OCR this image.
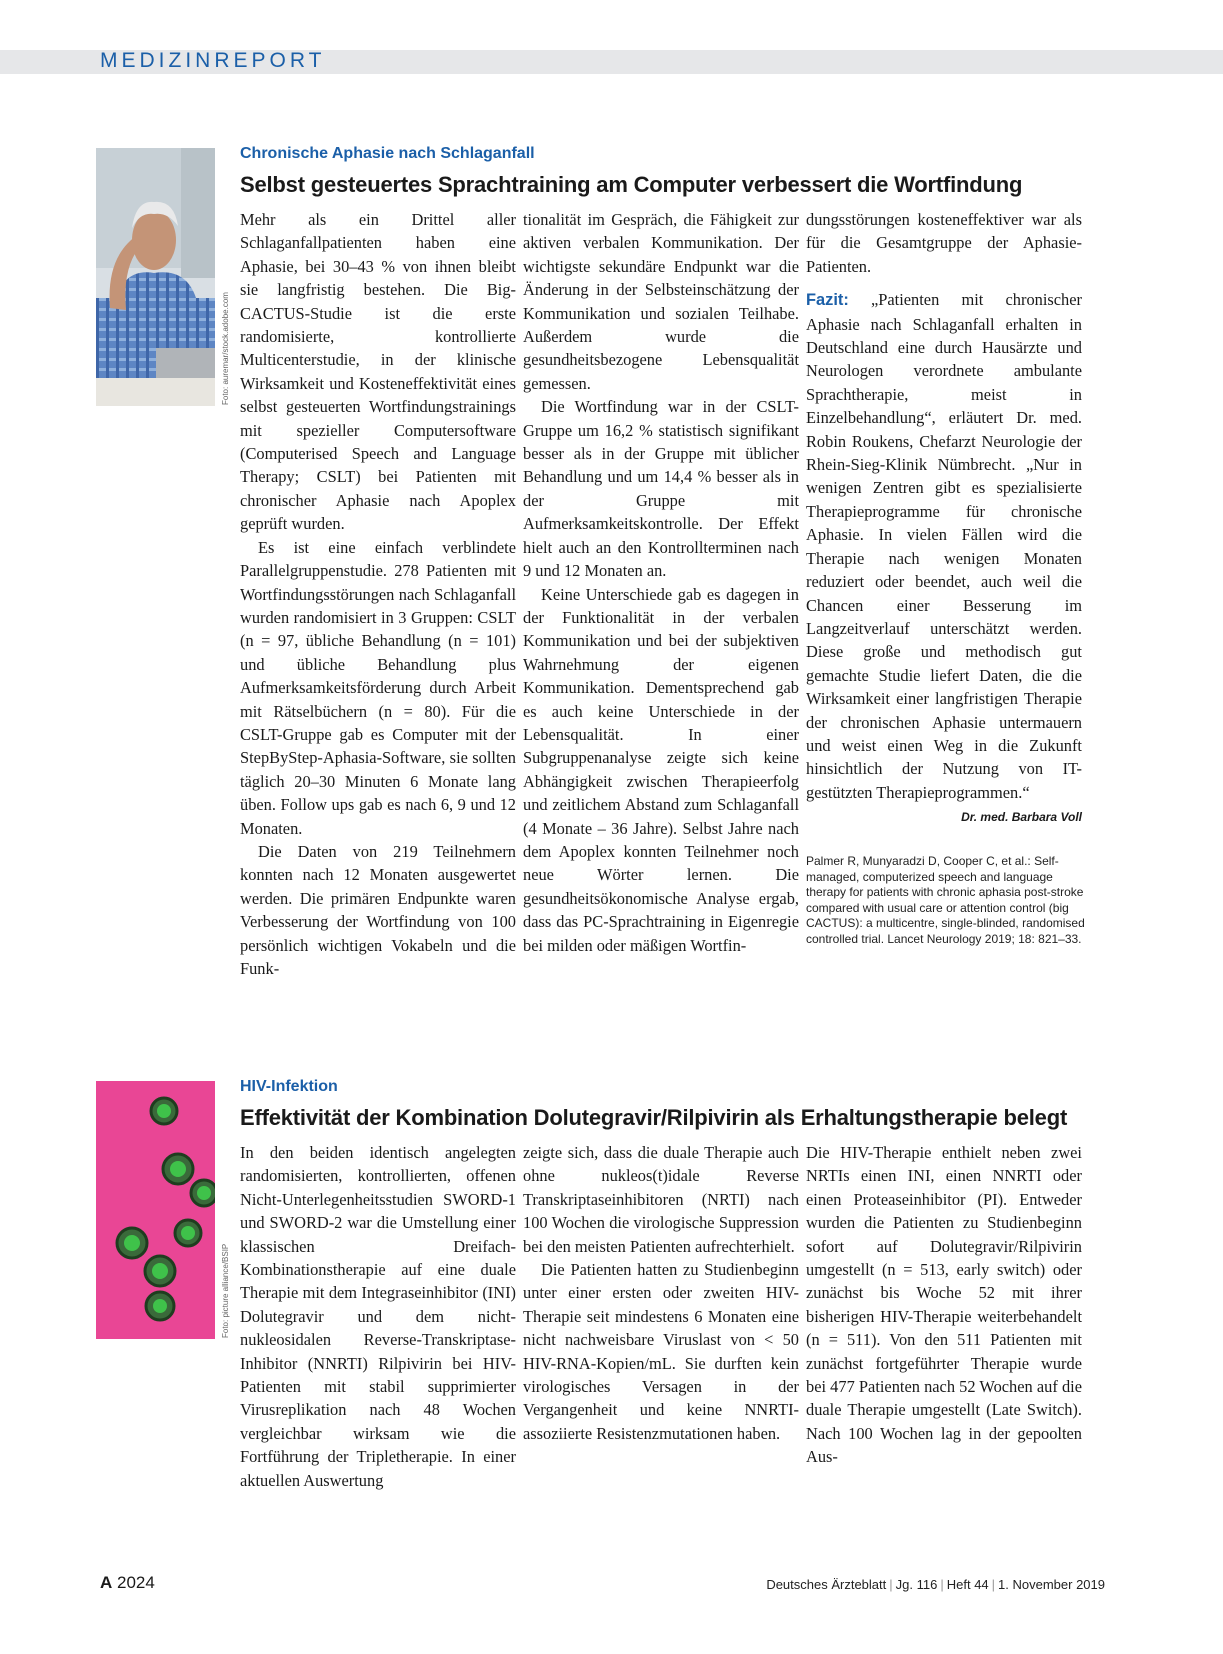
MEDIZINREPORT
Foto: auremar/stock.adobe.com
Chronische Aphasie nach Schlaganfall
Selbst gesteuertes Sprachtraining am Computer verbessert die Wortfindung

Mehr als ein Drittel aller Schlaganfallpatienten haben eine Aphasie, bei 30–43 % von ihnen bleibt sie langfristig bestehen. Die Big-CACTUS-Studie ist die erste randomisierte, kontrollierte Multicenterstudie, in der klinische Wirksamkeit und Kosteneffektivität eines selbst gesteuerten Wortfindungstrainings mit spezieller Computersoftware (Computerised Speech and Language Therapy; CSLT) bei Patienten mit chronischer Aphasie nach Apoplex geprüft wurden.

Es ist eine einfach verblindete Parallelgruppenstudie. 278 Patienten mit Wortfindungsstörungen nach Schlaganfall wurden randomisiert in 3 Gruppen: CSLT (n = 97, übliche Behandlung (n = 101) und übliche Behandlung plus Aufmerksamkeitsförderung durch Arbeit mit Rätselbüchern (n = 80). Für die CSLT-Gruppe gab es Computer mit der StepByStep-Aphasia-Software, sie sollten täglich 20–30 Minuten 6 Monate lang üben. Follow ups gab es nach 6, 9 und 12 Monaten.

Die Daten von 219 Teilnehmern konnten nach 12 Monaten ausgewertet werden. Die primären Endpunkte waren Verbesserung der Wortfindung von 100 persönlich wichtigen Vokabeln und die Funk-

tionalität im Gespräch, die Fähigkeit zur aktiven verbalen Kommunikation. Der wichtigste sekundäre Endpunkt war die Änderung in der Selbsteinschätzung der Kommunikation und sozialen Teilhabe. Außerdem wurde die gesundheitsbezogene Lebensqualität gemessen.

Die Wortfindung war in der CSLT-Gruppe um 16,2 % statistisch signifikant besser als in der Gruppe mit üblicher Behandlung und um 14,4 % besser als in der Gruppe mit Aufmerksamkeitskontrolle. Der Effekt hielt auch an den Kontrollterminen nach 9 und 12 Monaten an.

Keine Unterschiede gab es dagegen in der Funktionalität in der verbalen Kommunikation und bei der subjektiven Wahrnehmung der eigenen Kommunikation. Dementsprechend gab es auch keine Unterschiede in der Lebensqualität. In einer Subgruppenanalyse zeigte sich keine Abhängigkeit zwischen Therapieerfolg und zeitlichem Abstand zum Schlaganfall (4 Monate – 36 Jahre). Selbst Jahre nach dem Apoplex konnten Teilnehmer noch neue Wörter lernen. Die gesundheitsökonomische Analyse ergab, dass das PC-Sprachtraining in Eigenregie bei milden oder mäßigen Wortfin-

dungsstörungen kosteneffektiver war als für die Gesamtgruppe der Aphasie-Patienten.

Fazit: „Patienten mit chronischer Aphasie nach Schlaganfall erhalten in Deutschland eine durch Hausärzte und Neurologen verordnete ambulante Sprachtherapie, meist in Einzelbehandlung“, erläutert Dr. med. Robin Roukens, Chefarzt Neurologie der Rhein-Sieg-Klinik Nümbrecht. „Nur in wenigen Zentren gibt es spezialisierte Therapieprogramme für chronische Aphasie. In vielen Fällen wird die Therapie nach wenigen Monaten reduziert oder beendet, auch weil die Chancen einer Besserung im Langzeitverlauf unterschätzt werden. Diese große und methodisch gut gemachte Studie liefert Daten, die die Wirksamkeit einer langfristigen Therapie der chronischen Aphasie untermauern und weist einen Weg in die Zukunft hinsichtlich der Nutzung von IT-gestützten Therapieprogrammen.“
Dr. med. Barbara Voll

Palmer R, Munyaradzi D, Cooper C, et al.: Self-managed, computerized speech and language therapy for patients with chronic aphasia post-stroke compared with usual care or attention control (big CACTUS): a multicentre, single-blinded, randomised controlled trial. Lancet Neurology 2019; 18: 821–33.
Foto: picture alliance/BSIP
HIV-Infektion
Effektivität der Kombination Dolutegravir/Rilpivirin als Erhaltungstherapie belegt

In den beiden identisch angelegten randomisierten, kontrollierten, offenen Nicht-Unterlegenheitsstudien SWORD-1 und SWORD-2 war die Umstellung einer klassischen Dreifach-Kombinationstherapie auf eine duale Therapie mit dem Integraseinhibitor (INI) Dolutegravir und dem nicht-nukleosidalen Reverse-Transkriptase-Inhibitor (NNRTI) Rilpivirin bei HIV-Patienten mit stabil supprimierter Virusreplikation nach 48 Wochen vergleichbar wirksam wie die Fortführung der Tripletherapie. In einer aktuellen Auswertung

zeigte sich, dass die duale Therapie auch ohne nukleos(t)idale Reverse Transkriptaseinhibitoren (NRTI) nach 100 Wochen die virologische Suppression bei den meisten Patienten aufrechterhielt.

Die Patienten hatten zu Studienbeginn unter einer ersten oder zweiten HIV-Therapie seit mindestens 6 Monaten eine nicht nachweisbare Viruslast von < 50 HIV-RNA-Kopien/mL. Sie durften kein virologisches Versagen in der Vergangenheit und keine NNRTI-assoziierte Resistenzmutationen haben.

Die HIV-Therapie enthielt neben zwei NRTIs einen INI, einen NNRTI oder einen Proteaseinhibitor (PI). Entweder wurden die Patienten zu Studienbeginn sofort auf Dolutegravir/Rilpivirin umgestellt (n = 513, early switch) oder zunächst bis Woche 52 mit ihrer bisherigen HIV-Therapie weiterbehandelt (n = 511). Von den 511 Patienten mit zunächst fortgeführter Therapie wurde bei 477 Patienten nach 52 Wochen auf die duale Therapie umgestellt (Late Switch). Nach 100 Wochen lag in der gepoolten Aus-

A 2024	Deutsches Ärzteblatt | Jg. 116 | Heft 44 | 1. November 2019
